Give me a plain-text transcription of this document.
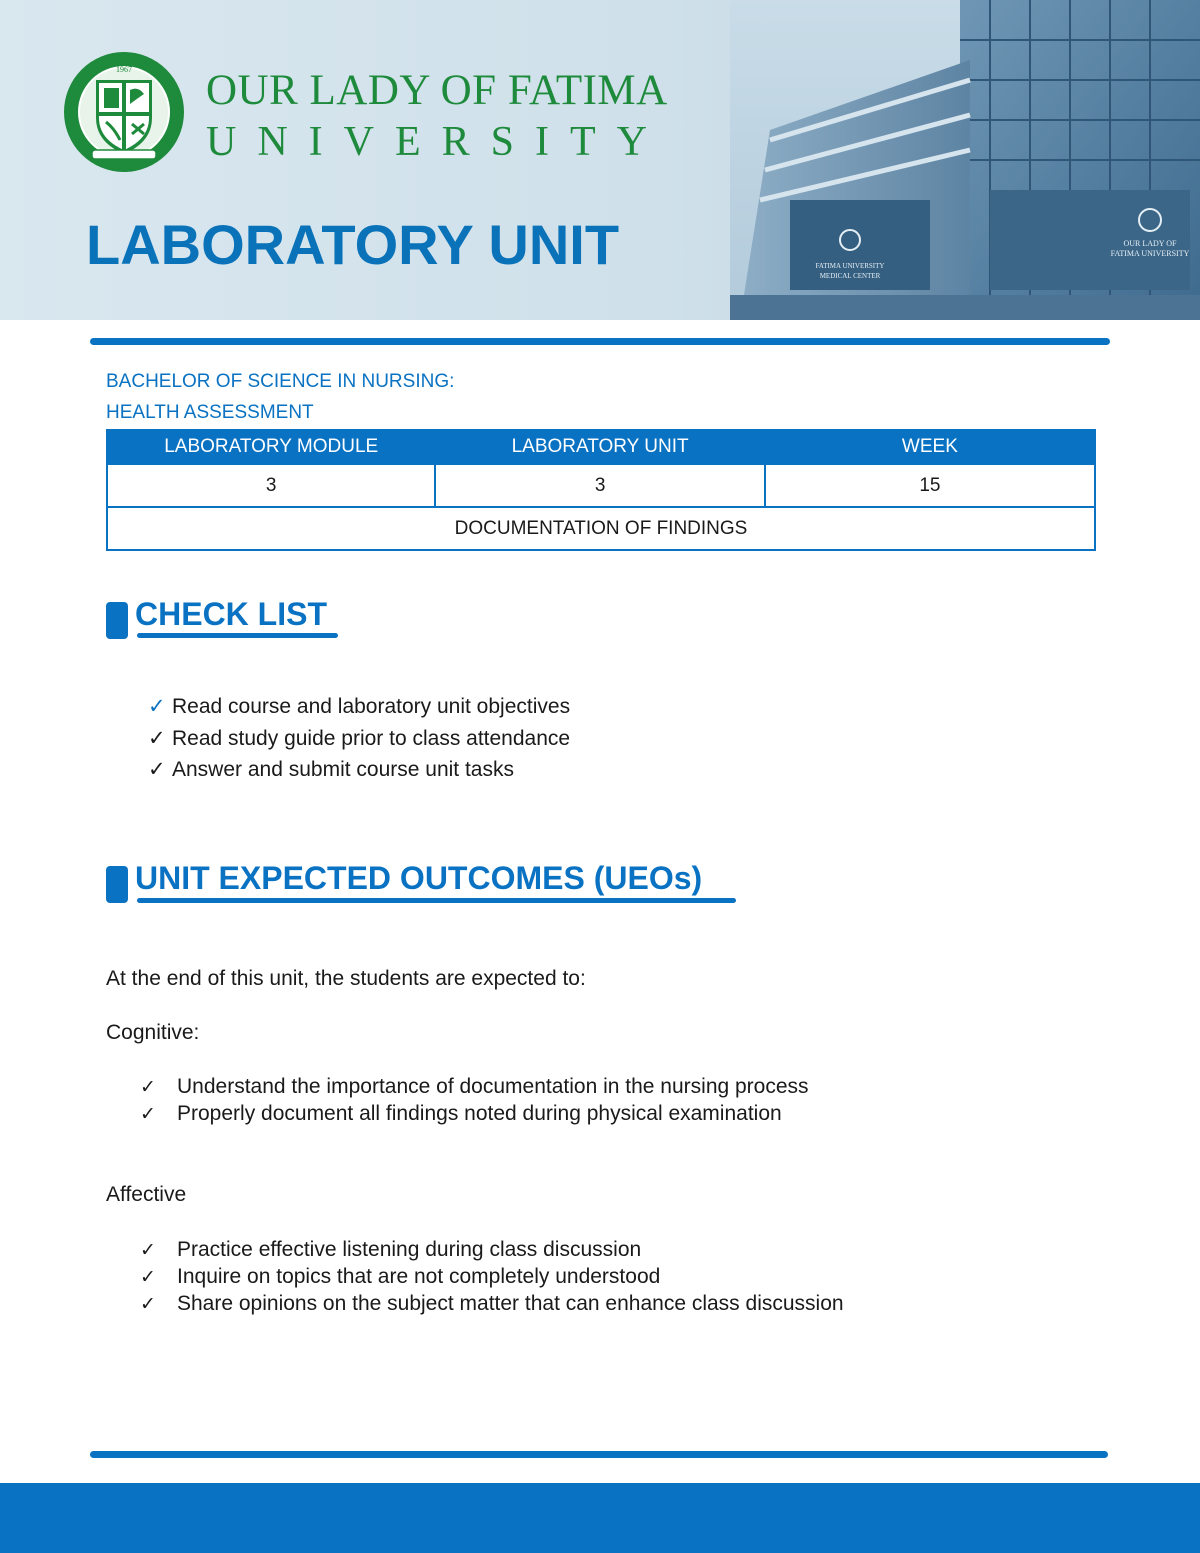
1967 OUR LADY OF FATIMA
UNIVERSITY
LABORATORY UNIT	FATIMA UNIVERSITY
MEDICAL CENTER
OUR LADY OF
FATIMA UNIVERSITY
BACHELOR OF SCIENCE IN NURSING:
HEALTH ASSESSMENT
LABORATORY MODULE	LABORATORY UNIT	WEEK
3	3	15
DOCUMENTATION OF FINDINGS		
CHECK LIST
✓ Read course and laboratory unit objectives
✓ Read study guide prior to class attendance
✓ Answer and submit course unit tasks
UNIT EXPECTED OUTCOMES (UEOs)
At the end of this unit, the students are expected to:
Cognitive:
✓ Understand the importance of documentation in the nursing process
✓ Properly document all findings noted during physical examination
Affective
✓ Practice effective listening during class discussion
✓ Inquire on topics that are not completely understood
✓ Share opinions on the subject matter that can enhance class discussion
